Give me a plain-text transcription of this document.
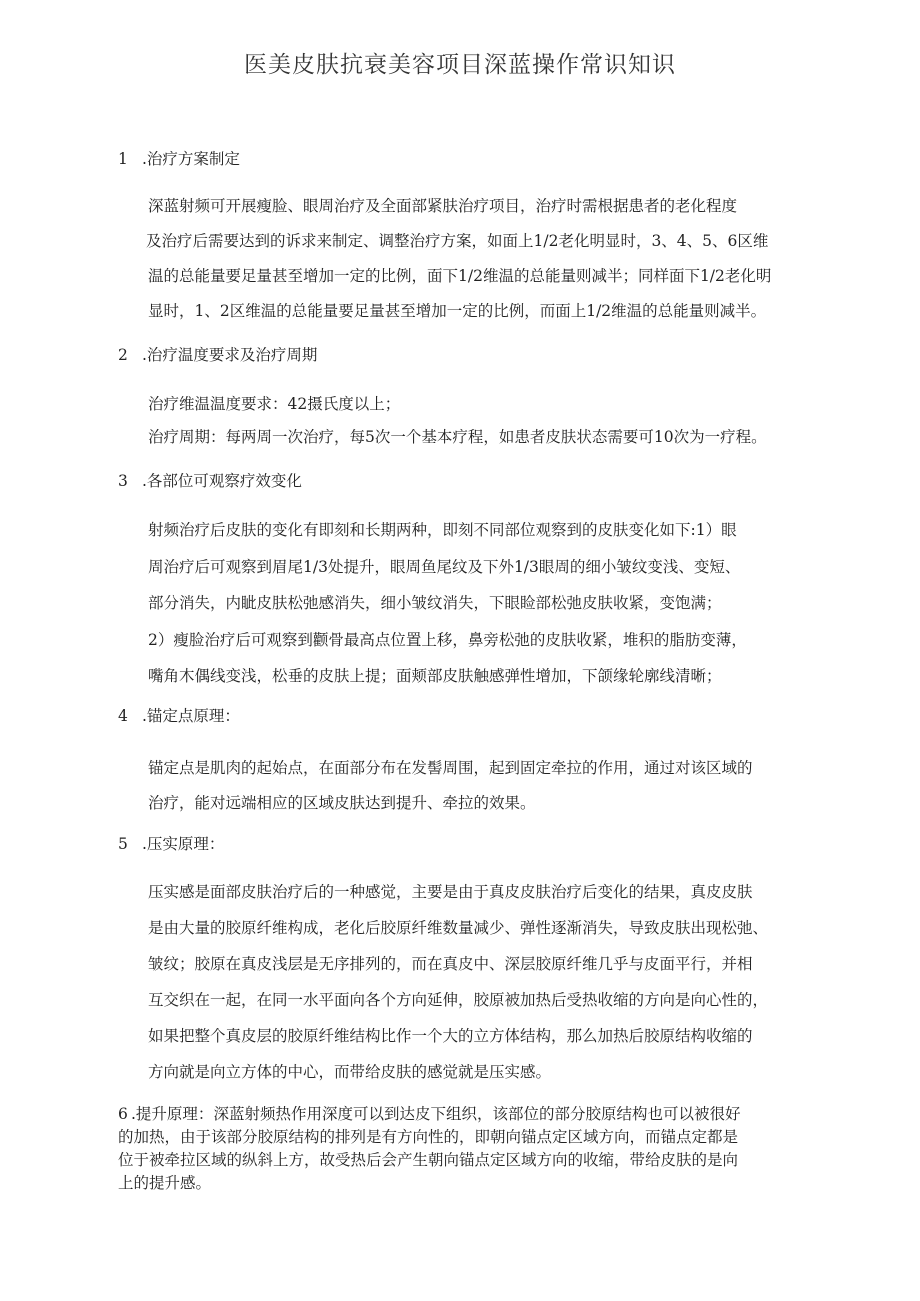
医美皮肤抗衰美容项目深蓝操作常识知识
1 .治疗方案制定
深蓝射频可开展瘦脸、眼周治疗及全面部紧肤治疗项目，治疗时需根据患者的老化程度
及治疗后需要达到的诉求来制定、调整治疗方案，如面上1/2老化明显时，3、4、5、6区维
温的总能量要足量甚至增加一定的比例，面下1/2维温的总能量则减半；同样面下1/2老化明
显时，1、2区维温的总能量要足量甚至增加一定的比例，而面上1/2维温的总能量则减半。
2 .治疗温度要求及治疗周期
治疗维温温度要求：42摄氏度以上；
治疗周期：每两周一次治疗，每5次一个基本疗程，如患者皮肤状态需要可10次为一疗程。
3 .各部位可观察疗效变化
射频治疗后皮肤的变化有即刻和长期两种，即刻不同部位观察到的皮肤变化如下:1）眼
周治疗后可观察到眉尾1/3处提升，眼周鱼尾纹及下外1/3眼周的细小皱纹变浅、变短、
部分消失，内眦皮肤松弛感消失，细小皱纹消失，下眼睑部松弛皮肤收紧，变饱满；
2）瘦脸治疗后可观察到颧骨最高点位置上移，鼻旁松弛的皮肤收紧，堆积的脂肪变薄，
嘴角木偶线变浅，松垂的皮肤上提；面颊部皮肤触感弹性增加，下颌缘轮廓线清晰；
4 .锚定点原理：
锚定点是肌肉的起始点，在面部分布在发髻周围，起到固定牵拉的作用，通过对该区域的
治疗，能对远端相应的区域皮肤达到提升、牵拉的效果。
5 .压实原理：
压实感是面部皮肤治疗后的一种感觉，主要是由于真皮皮肤治疗后变化的结果，真皮皮肤
是由大量的胶原纤维构成，老化后胶原纤维数量减少、弹性逐渐消失，导致皮肤出现松弛、
皱纹；胶原在真皮浅层是无序排列的，而在真皮中、深层胶原纤维几乎与皮面平行，并相
互交织在一起，在同一水平面向各个方向延伸，胶原被加热后受热收缩的方向是向心性的，
如果把整个真皮层的胶原纤维结构比作一个大的立方体结构，那么加热后胶原结构收缩的
方向就是向立方体的中心，而带给皮肤的感觉就是压实感。
6 .提升原理：深蓝射频热作用深度可以到达皮下组织，该部位的部分胶原结构也可以被很好
的加热，由于该部分胶原结构的排列是有方向性的，即朝向锚点定区域方向，而锚点定都是
位于被牵拉区域的纵斜上方，故受热后会产生朝向锚点定区域方向的收缩，带给皮肤的是向
上的提升感。
